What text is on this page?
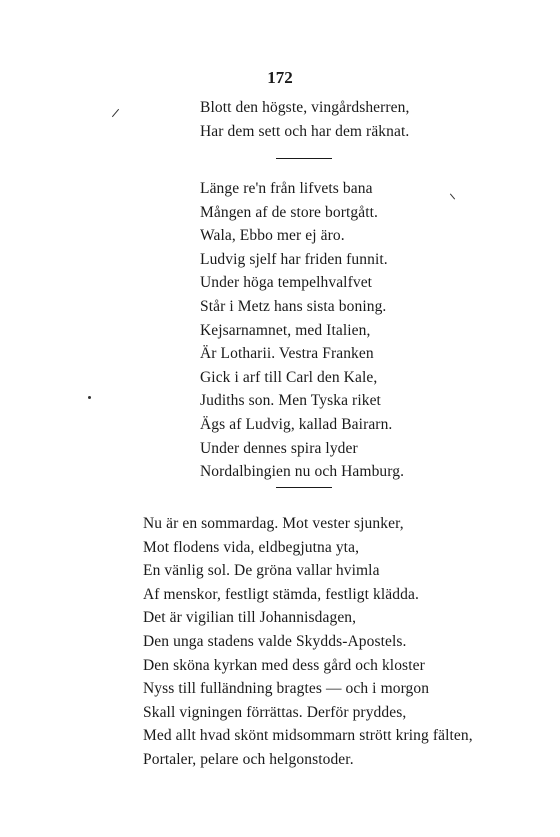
172
Blott den högste, vingårdsherren,
Har dem sett och har dem räknat.
Länge re'n från lifvets bana
Mången af de store bortgått.
Wala, Ebbo mer ej äro.
Ludvig sjelf har friden funnit.
Under höga tempelhvalfvet
Står i Metz hans sista boning.
Kejsarnamnet, med Italien,
Är Lotharii. Vestra Franken
Gick i arf till Carl den Kale,
Judiths son. Men Tyska riket
Ägs af Ludvig, kallad Bairarn.
Under dennes spira lyder
Nordalbingien nu och Hamburg.
Nu är en sommardag. Mot vester sjunker,
Mot flodens vida, eldbegjutna yta,
En vänlig sol. De gröna vallar hvimla
Af menskor, festligt stämda, festligt klädda.
Det är vigilian till Johannisdagen,
Den unga stadens valde Skydds-Apostels.
Den sköna kyrkan med dess gård och kloster
Nyss till fulländning bragtes — och i morgon
Skall vigningen förrättas. Derför pryddes,
Med allt hvad skönt midsommarn strött kring fälten,
Portaler, pelare och helgonstoder.
